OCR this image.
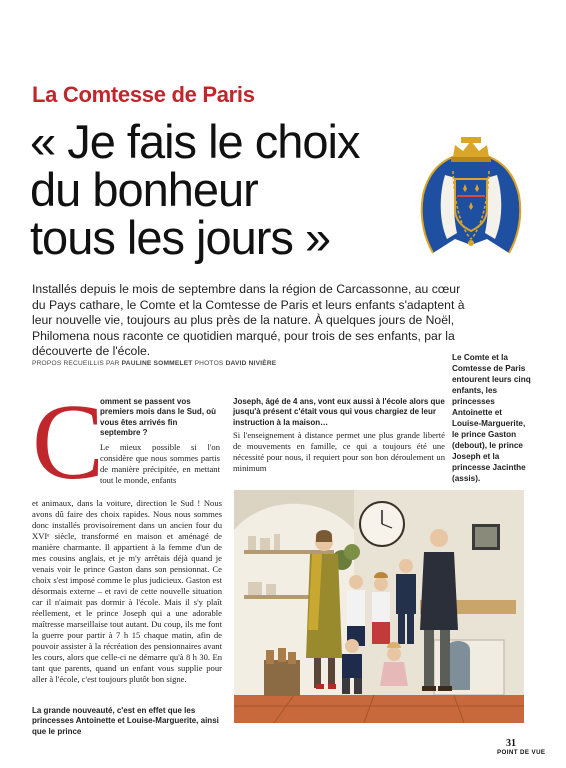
La Comtesse de Paris
« Je fais le choix
du bonheur
tous les jours »
Installés depuis le mois de septembre dans la région de Carcassonne, au cœur du Pays cathare, le Comte et la Comtesse de Paris et leurs enfants s'adaptent à leur nouvelle vie, toujours au plus près de la nature. À quelques jours de Noël, Philomena nous raconte ce quotidien marqué, pour trois de ses enfants, par la découverte de l'école.
PROPOS RECUEILLIS PAR PAULINE SOMMELET PHOTOS DAVID NIVIÈRE
Le Comte et la Comtesse de Paris entourent leurs cinq enfants, les princesses Antoinette et Louise-Marguerite, le prince Gaston (debout), le prince Joseph et la princesse Jacinthe (assis).
C
omment se passent vos premiers mois dans le Sud, où vous êtes arrivés fin septembre ?
Le mieux possible si l'on considère que nous sommes partis de manière précipitée, en mettant tout le monde, enfants
et animaux, dans la voiture, direction le Sud ! Nous avons dû faire des choix rapides. Nous nous sommes donc installés provisoirement dans un ancien four du XVIᵉ siècle, transformé en maison et aménagé de manière charmante. Il appartient à la femme d'un de mes cousins anglais, et je m'y arrêtais déjà quand je venais voir le prince Gaston dans son pensionnat. Ce choix s'est imposé comme le plus judicieux. Gaston est désormais externe – et ravi de cette nouvelle situation car il n'aimait pas dormir à l'école. Mais il s'y plaît réellement, et le prince Joseph qui a une adorable maîtresse marseillaise tout autant. Du coup, ils me font la guerre pour partir à 7 h 15 chaque matin, afin de pouvoir assister à la récréation des pensionnaires avant les cours, alors que celle-ci ne démarre qu'à 8 h 30. En tant que parents, quand un enfant vous supplie pour aller à l'école, c'est toujours plutôt bon signe.
La grande nouveauté, c'est en effet que les princesses Antoinette et Louise-Marguerite, ainsi que le prince
Joseph, âgé de 4 ans, vont eux aussi à l'école alors que jusqu'à présent c'était vous qui vous chargiez de leur instruction à la maison…
Si l'enseignement à distance permet une plus grande liberté de mouvements en famille, ce qui a toujours été une nécessité pour nous, il requiert pour son bon déroulement un minimum
31
POINT DE VUE
